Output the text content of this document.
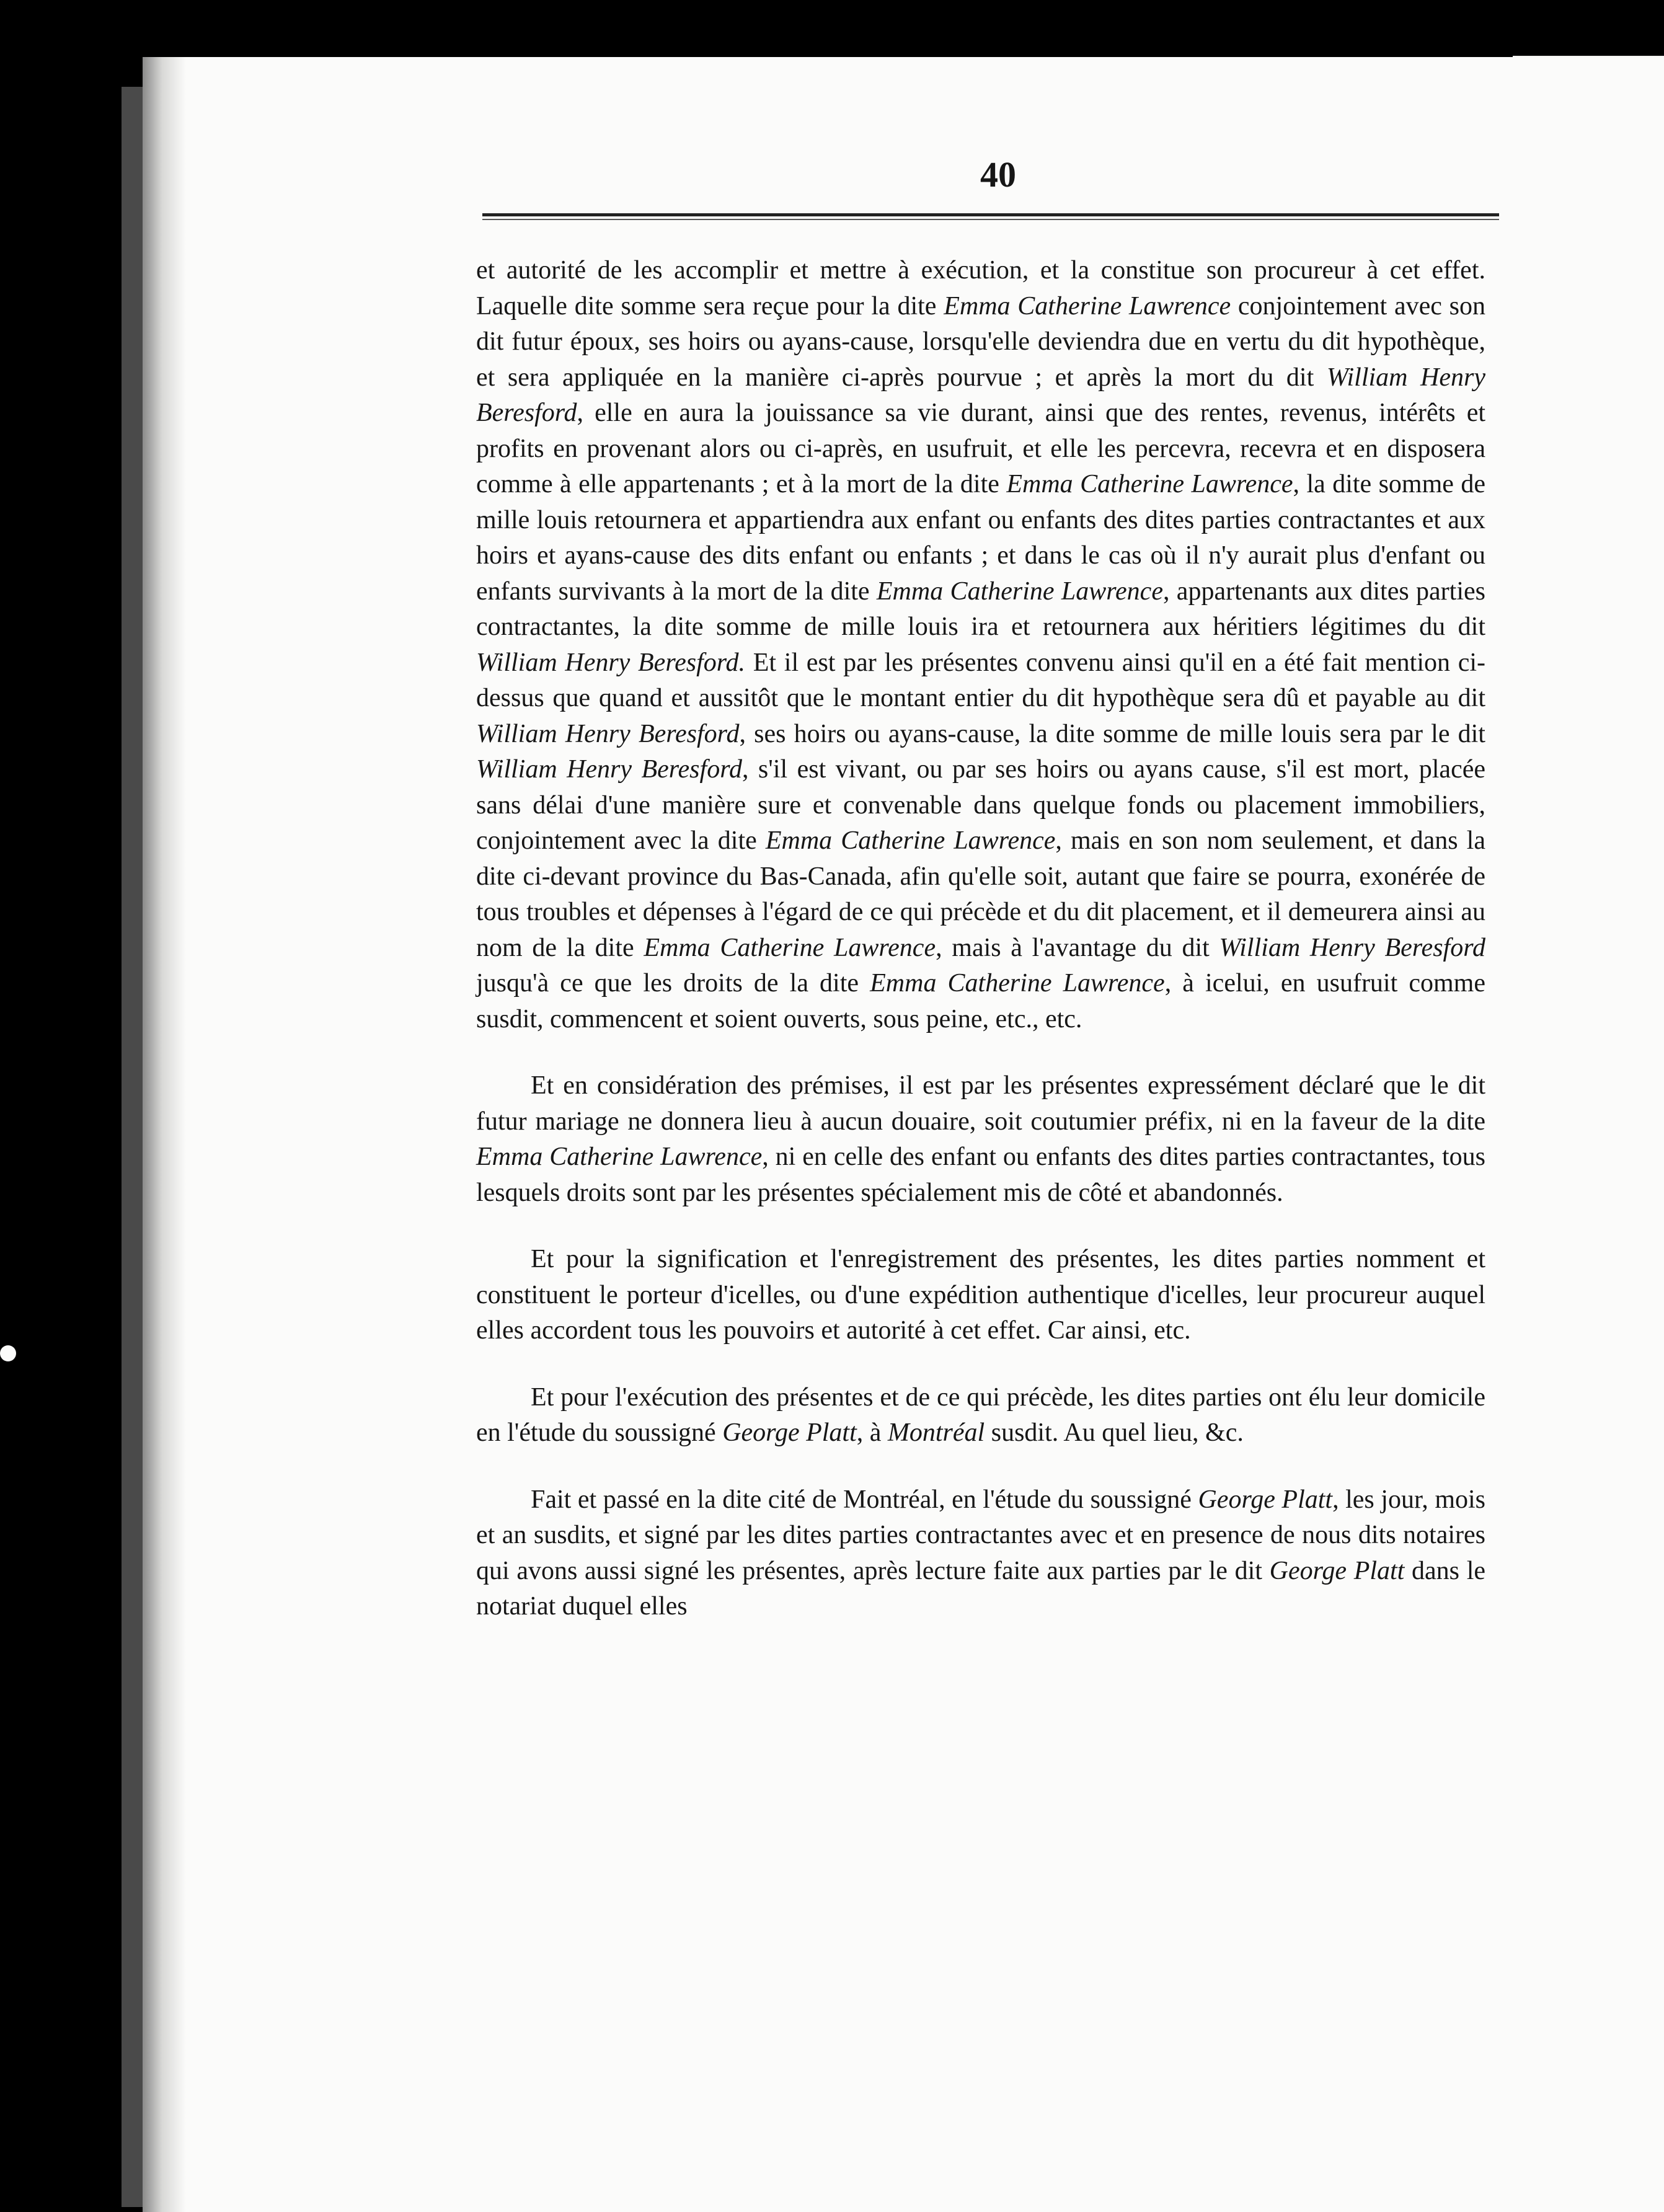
40

et autorité de les accomplir et mettre à exécution, et la constitue son procureur à cet effet. Laquelle dite somme sera reçue pour la dite Emma Catherine Lawrence conjointement avec son dit futur époux, ses hoirs ou ayans-cause, lorsqu'elle deviendra due en vertu du dit hypothèque, et sera appliquée en la manière ci-après pourvue ; et après la mort du dit William Henry Beresford, elle en aura la jouissance sa vie durant, ainsi que des rentes, revenus, intérêts et profits en provenant alors ou ci-après, en usufruit, et elle les percevra, recevra et en disposera comme à elle appartenants ; et à la mort de la dite Emma Catherine Lawrence, la dite somme de mille louis retournera et appartiendra aux enfant ou enfants des dites parties contractantes et aux hoirs et ayans-cause des dits enfant ou enfants ; et dans le cas où il n'y aurait plus d'enfant ou enfants survivants à la mort de la dite Emma Catherine Lawrence, appartenants aux dites parties contractantes, la dite somme de mille louis ira et retournera aux héritiers légitimes du dit William Henry Beresford. Et il est par les présentes convenu ainsi qu'il en a été fait mention ci-dessus que quand et aussitôt que le montant entier du dit hypothèque sera dû et payable au dit William Henry Beresford, ses hoirs ou ayans-cause, la dite somme de mille louis sera par le dit William Henry Beresford, s'il est vivant, ou par ses hoirs ou ayans cause, s'il est mort, placée sans délai d'une manière sure et convenable dans quelque fonds ou placement immobiliers, conjointement avec la dite Emma Catherine Lawrence, mais en son nom seulement, et dans la dite ci-devant province du Bas-Canada, afin qu'elle soit, autant que faire se pourra, exonérée de tous troubles et dépenses à l'égard de ce qui précède et du dit placement, et il demeurera ainsi au nom de la dite Emma Catherine Lawrence, mais à l'avantage du dit William Henry Beresford jusqu'à ce que les droits de la dite Emma Catherine Lawrence, à icelui, en usufruit comme susdit, commencent et soient ouverts, sous peine, etc., etc.

Et en considération des prémises, il est par les présentes expressément déclaré que le dit futur mariage ne donnera lieu à aucun douaire, soit coutumier préfix, ni en la faveur de la dite Emma Catherine Lawrence, ni en celle des enfant ou enfants des dites parties contractantes, tous lesquels droits sont par les présentes spécialement mis de côté et abandonnés.

Et pour la signification et l'enregistrement des présentes, les dites parties nomment et constituent le porteur d'icelles, ou d'une expédition authentique d'icelles, leur procureur auquel elles accordent tous les pouvoirs et autorité à cet effet. Car ainsi, etc.

Et pour l'exécution des présentes et de ce qui précède, les dites parties ont élu leur domicile en l'étude du soussigné George Platt, à Montréal susdit. Au quel lieu, &c.

Fait et passé en la dite cité de Montréal, en l'étude du soussigné George Platt, les jour, mois et an susdits, et signé par les dites parties contractantes avec et en presence de nous dits notaires qui avons aussi signé les présentes, après lecture faite aux parties par le dit George Platt dans le notariat duquel elles
